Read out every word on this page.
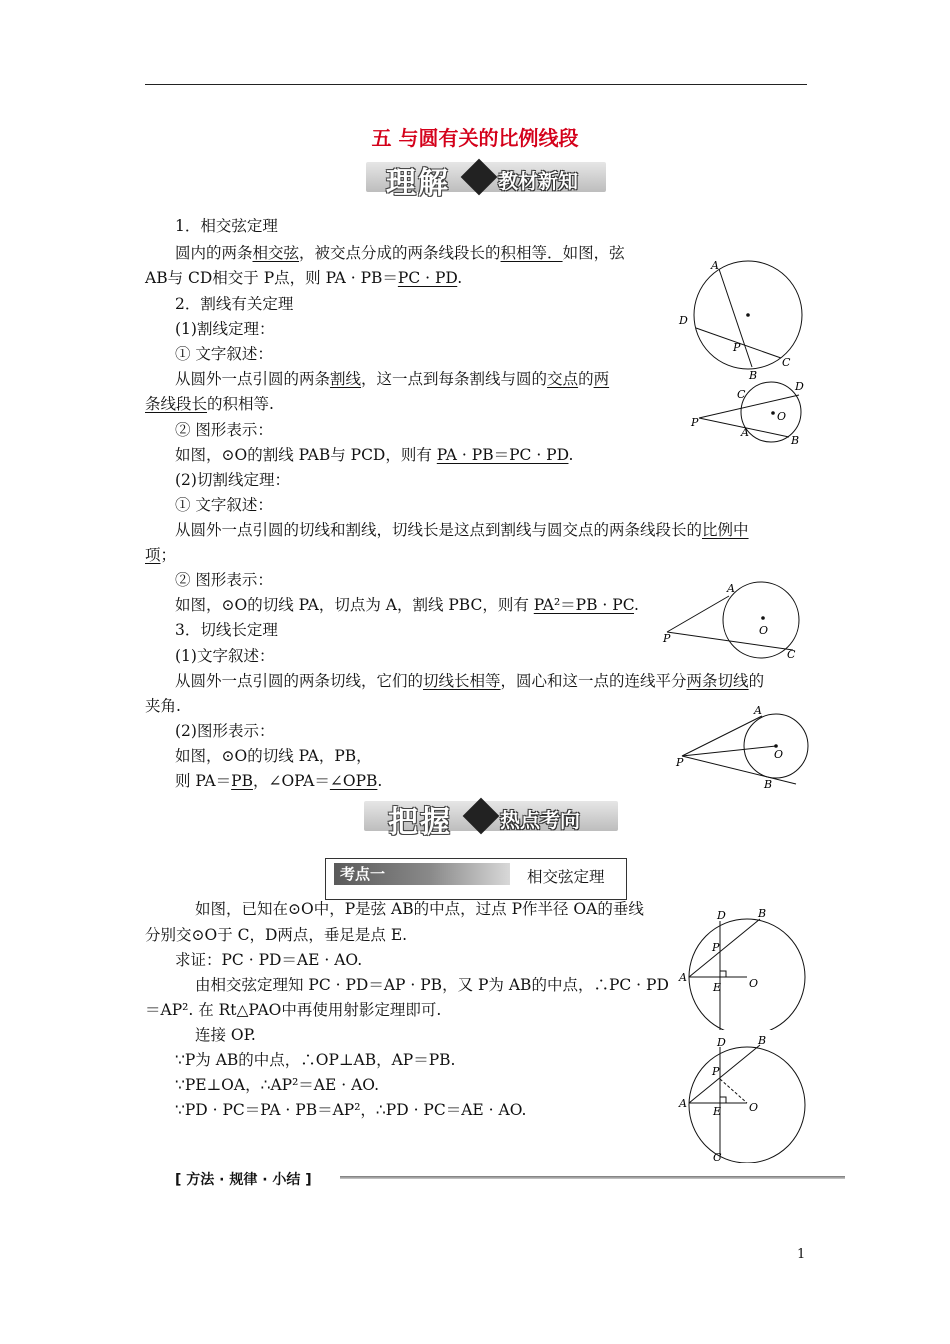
五 与圆有关的比例线段
理解 教材新知
1．相交弦定理
圆内的两条相交弦，被交点分成的两条线段长的积相等．如图，弦
AB与 CD相交于 P点，则 PA · PB＝PC · PD.
2．割线有关定理
(1)割线定理：
① 文字叙述：
从圆外一点引圆的两条割线，这一点到每条割线与圆的交点的两
条线段长的积相等.
② 图形表示：
如图，⊙O的割线 PAB与 PCD，则有 PA · PB＝PC · PD.
(2)切割线定理：
① 文字叙述：
从圆外一点引圆的切线和割线，切线长是这点到割线与圆交点的两条线段长的比例中
项；
② 图形表示：
如图，⊙O的切线 PA，切点为 A，割线 PBC，则有 PA²＝PB · PC.
3．切线长定理
(1)文字叙述：
从圆外一点引圆的两条切线，它们的切线长相等，圆心和这一点的连线平分两条切线的
夹角.
(2)图形表示：
如图，⊙O的切线 PA，PB，
则 PA＝PB，∠OPA＝∠OPB.
把握 热点考向
考点一	相交弦定理
如图，已知在⊙O中，P是弦 AB的中点，过点 P作半径 OA的垂线
分别交⊙O于 C，D两点，垂足是点 E.
求证：PC · PD＝AE · AO.
由相交弦定理知 PC · PD＝AP · PB，又 P为 AB的中点，∴PC · PD
＝AP². 在 Rt△PAO中再使用射影定理即可.
连接 OP.
∵P为 AB的中点，∴OP⊥AB，AP＝PB.
∵PE⊥OA，∴AP²＝AE · AO.
∵PD · PC＝PA · PB＝AP²，∴PD · PC＝AE · AO.
[ 方法 · 规律 · 小结 ]
1
A
D
P
C
B
P
C
D
O
A
B
A
P
O
C
A
P
O
B
D	B
P
A
E	O
D	B
P
A
E	O
C
